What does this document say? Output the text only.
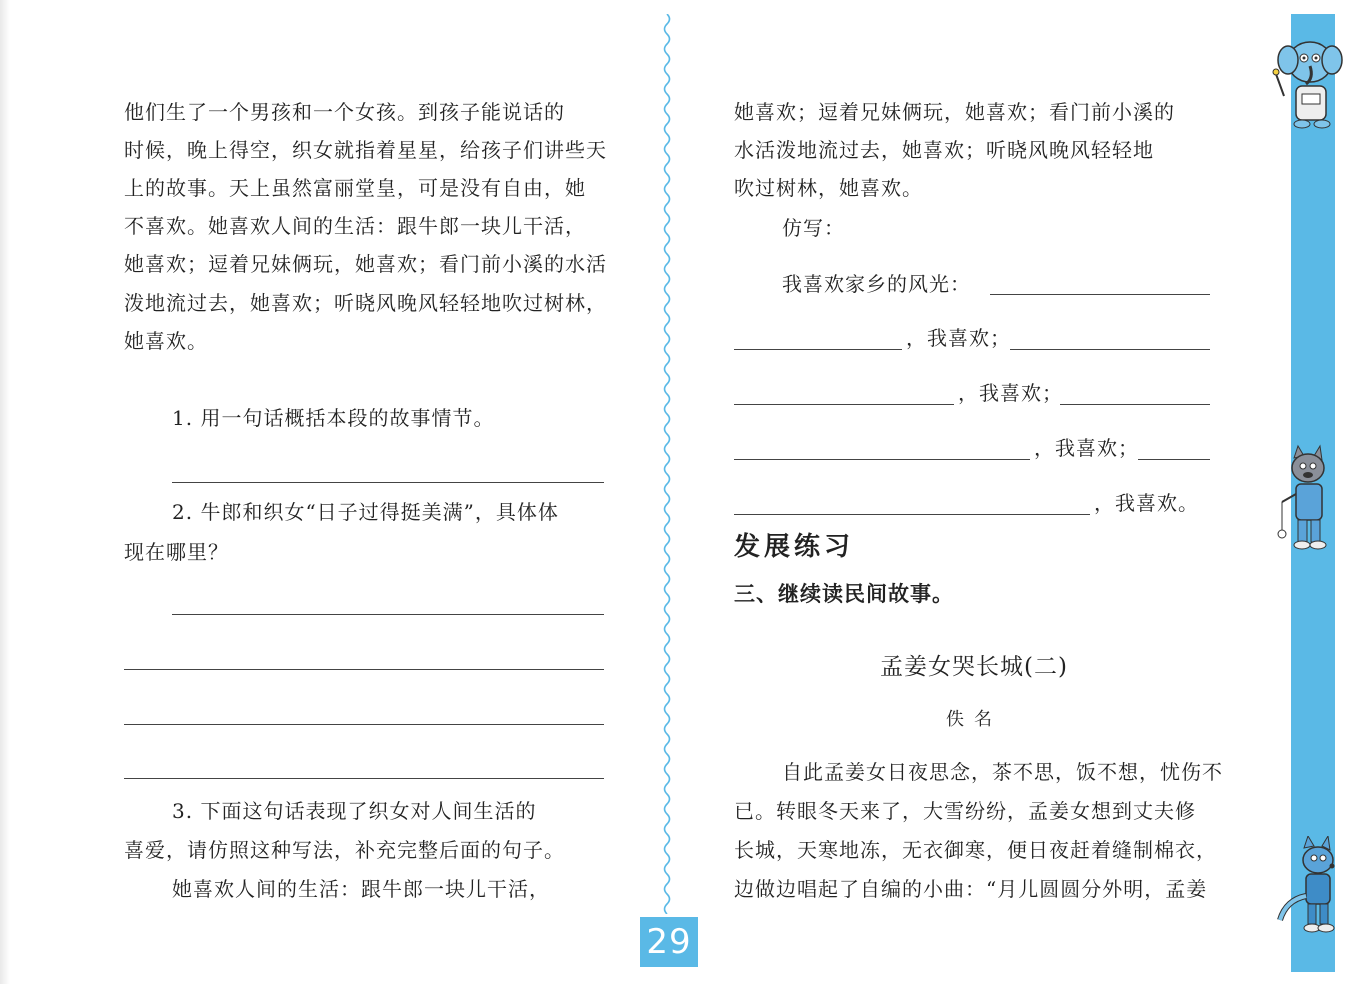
他们生了一个男孩和一个女孩。到孩子能说话的
时候，晚上得空，织女就指着星星，给孩子们讲些天
上的故事。天上虽然富丽堂皇，可是没有自由，她
不喜欢。她喜欢人间的生活：跟牛郎一块儿干活，
她喜欢；逗着兄妹俩玩，她喜欢；看门前小溪的水活
泼地流过去，她喜欢；听晓风晚风轻轻地吹过树林，
她喜欢。
1. 用一句话概括本段的故事情节。
2. 牛郎和织女“日子过得挺美满”，具体体
现在哪里？
3. 下面这句话表现了织女对人间生活的
喜爱，请仿照这种写法，补充完整后面的句子。
她喜欢人间的生活：跟牛郎一块儿干活，
她喜欢；逗着兄妹俩玩，她喜欢；看门前小溪的
水活泼地流过去，她喜欢；听晓风晚风轻轻地
吹过树林，她喜欢。
仿写：
我喜欢家乡的风光：
，我喜欢；
，我喜欢；
，我喜欢；
，我喜欢。
发展练习
三、继续读民间故事。
孟姜女哭长城(二)
佚名
自此孟姜女日夜思念，茶不思，饭不想，忧伤不
已。转眼冬天来了，大雪纷纷，孟姜女想到丈夫修
长城，天寒地冻，无衣御寒，便日夜赶着缝制棉衣，
边做边唱起了自编的小曲：“月儿圆圆分外明，孟姜
29
